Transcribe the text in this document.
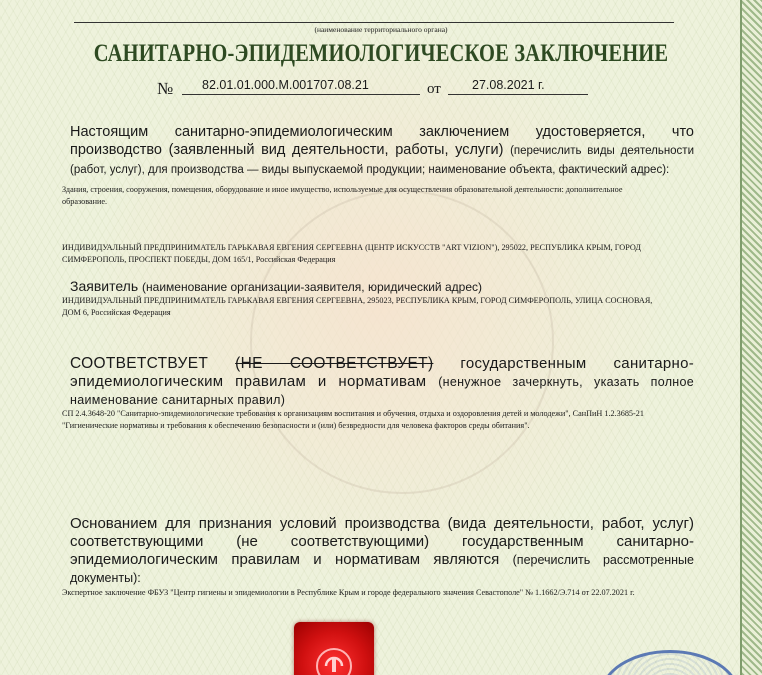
(наименование территориального органа)
САНИТАРНО-ЭПИДЕМИОЛОГИЧЕСКОЕ ЗАКЛЮЧЕНИЕ
№ 82.01.01.000.М.001707.08.21	от 27.08.2021 г.
Настоящим санитарно-эпидемиологическим заключением удостоверяется, что производство (заявленный вид деятельности, работы, услуги) (перечислить виды деятельности (работ, услуг), для производства — виды выпускаемой продукции; наименование объекта, фактический адрес):
Здания, строения, сооружения, помещения, оборудование и иное имущество, используемые для осуществления образовательной деятельности: дополнительное образование.
ИНДИВИДУАЛЬНЫЙ ПРЕДПРИНИМАТЕЛЬ ГАРЬКАВАЯ ЕВГЕНИЯ СЕРГЕЕВНА (ЦЕНТР ИСКУССТВ "ART VIZION"), 295022, РЕСПУБЛИКА КРЫМ, ГОРОД СИМФЕРОПОЛЬ, ПРОСПЕКТ ПОБЕДЫ, ДОМ 165/1, Российская Федерация
Заявитель (наименование организации-заявителя, юридический адрес)
ИНДИВИДУАЛЬНЫЙ ПРЕДПРИНИМАТЕЛЬ ГАРЬКАВАЯ ЕВГЕНИЯ СЕРГЕЕВНА, 295023, РЕСПУБЛИКА КРЫМ, ГОРОД СИМФЕРОПОЛЬ, УЛИЦА СОСНОВАЯ, ДОМ 6, Российская Федерация
СООТВЕТСТВУЕТ (НЕ СООТВЕТСТВУЕТ) государственным санитарно-эпидемиологическим правилам и нормативам (ненужное зачеркнуть, указать полное наименование санитарных правил)
СП 2.4.3648-20 "Санитарно-эпидемиологические требования к организациям воспитания и обучения, отдыха и оздоровления детей и молодежи", СанПиН 1.2.3685-21 "Гигиенические нормативы и требования к обеспечению безопасности и (или) безвредности для человека факторов среды обитания".
Основанием для признания условий производства (вида деятельности, работ, услуг) соответствующими (не соответствующими) государственным санитарно-эпидемиологическим правилам и нормативам являются (перечислить рассмотренные документы):
Экспертное заключение ФБУЗ "Центр гигиены и эпидемиологии в Республике Крым и городе федерального значения Севастополе" № 1.1662/Э.714 от 22.07.2021 г.
